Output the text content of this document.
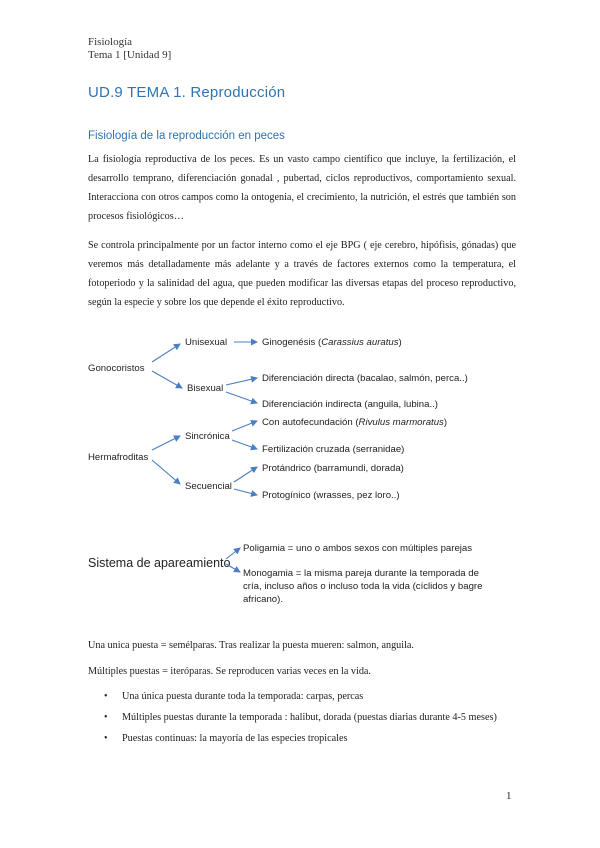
Fisiología
Tema 1 [Unidad 9]
UD.9 TEMA 1. Reproducción
Fisiología de la reproducción en peces
La fisiología reproductiva de los peces. Es un vasto campo científico que incluye, la fertilización, el desarrollo temprano, diferenciación gonadal , pubertad, ciclos reproductivos, comportamiento sexual. Interacciona con otros campos como la ontogenia, el crecimiento, la nutrición, el estrés que también son procesos fisiológicos…
Se controla principalmente por un factor interno como el eje BPG ( eje cerebro, hipófisis, gónadas) que veremos más detalladamente más adelante y a través de factores externos como la temperatura, el fotoperiodo y la salinidad del agua, que pueden modificar las diversas etapas del proceso reproductivo, según la especie y sobre los que depende el éxito reproductivo.
Gonocoristos
Hermafroditas
Unisexual
Bisexual
Sincrónica
Secuencial
Ginogenésis (Carassius auratus)
Diferenciación directa (bacalao, salmón, perca..)
Diferenciación indirecta (anguila, lubina..)
Con autofecundación (Rivulus marmoratus)
Fertilización cruzada (serranidae)
Protándrico (barramundi, dorada)
Protogínico (wrasses, pez loro..)
Sistema de apareamiento
Poligamia = uno o ambos sexos con múltiples parejas
Monogamia = la misma pareja durante la temporada de
cría, incluso años o incluso toda la vida (cíclidos y bagre
africano).
Una unica puesta = semélparas. Tras realizar la puesta mueren: salmon, anguila.
Múltiples puestas = iteróparas. Se reproducen varias veces en la vida.
• Una única puesta durante toda la temporada: carpas, percas
• Múltiples puestas durante la temporada : halibut, dorada (puestas diarias durante 4-5 meses)
• Puestas continuas: la mayoría de las especies tropicales
1
